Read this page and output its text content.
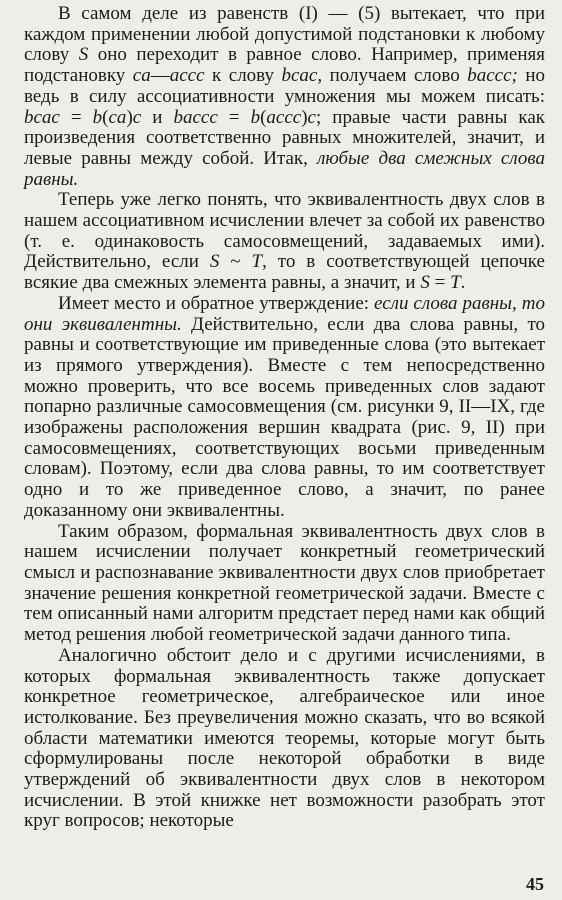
В самом деле из равенств (I) — (5) вытекает, что при каждом применении любой допустимой подстановки к любому слову S оно переходит в равное слово. Например, применяя подстановку ca—accc к слову bcac, получаем слово baccc; но ведь в силу ассоциативности умножения мы можем писать: bcac = b(ca)c и baccc = b(accc)c; правые части равны как произведения соответственно равных множителей, значит, и левые равны между собой. Итак, любые два смежных слова равны.

Теперь уже легко понять, что эквивалентность двух слов в нашем ассоциативном исчислении влечет за собой их равенство (т. е. одинаковость самосовмещений, задаваемых ими). Действительно, если S ~ T, то в соответствующей цепочке всякие два смежных элемента равны, а значит, и S = T.

Имеет место и обратное утверждение: если слова равны, то они эквивалентны. Действительно, если два слова равны, то равны и соответствующие им приведенные слова (это вытекает из прямого утверждения). Вместе с тем непосредственно можно проверить, что все восемь приведенных слов задают попарно различные самосовмещения (см. рисунки 9, II—IX, где изображены расположения вершин квадрата (рис. 9, II) при самосовмещениях, соответствующих восьми приведенным словам). Поэтому, если два слова равны, то им соответствует одно и то же приведенное слово, а значит, по ранее доказанному они эквивалентны.

Таким образом, формальная эквивалентность двух слов в нашем исчислении получает конкретный геометрический смысл и распознавание эквивалентности двух слов приобретает значение решения конкретной геометрической задачи. Вместе с тем описанный нами алгоритм предстает перед нами как общий метод решения любой геометрической задачи данного типа.

Аналогично обстоит дело и с другими исчислениями, в которых формальная эквивалентность также допускает конкретное геометрическое, алгебраическое или иное истолкование. Без преувеличения можно сказать, что во всякой области математики имеются теоремы, которые могут быть сформулированы после некоторой обработки в виде утверждений об эквивалентности двух слов в некотором исчислении. В этой книжке нет возможности разобрать этот круг вопросов; некоторые

45
